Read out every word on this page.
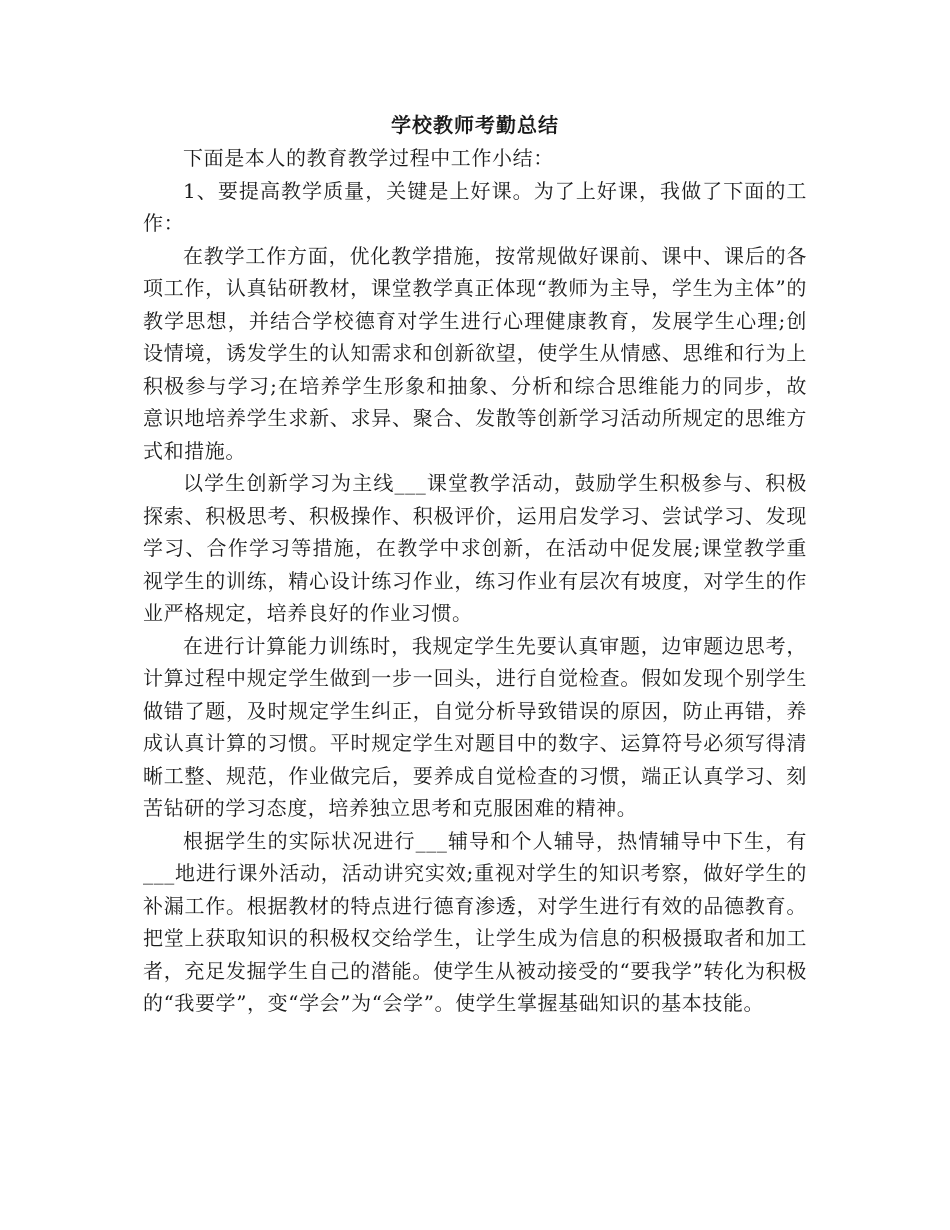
学校教师考勤总结

下面是本人的教育教学过程中工作小结：

1、要提高教学质量，关键是上好课。为了上好课，我做了下面的工作：

在教学工作方面，优化教学措施，按常规做好课前、课中、课后的各项工作，认真钻研教材，课堂教学真正体现“教师为主导，学生为主体”的教学思想，并结合学校德育对学生进行心理健康教育，发展学生心理;创设情境，诱发学生的认知需求和创新欲望，使学生从情感、思维和行为上积极参与学习;在培养学生形象和抽象、分析和综合思维能力的同步，故意识地培养学生求新、求异、聚合、发散等创新学习活动所规定的思维方式和措施。

以学生创新学习为主线___课堂教学活动，鼓励学生积极参与、积极探索、积极思考、积极操作、积极评价，运用启发学习、尝试学习、发现学习、合作学习等措施，在教学中求创新，在活动中促发展;课堂教学重视学生的训练，精心设计练习作业，练习作业有层次有坡度，对学生的作业严格规定，培养良好的作业习惯。

在进行计算能力训练时，我规定学生先要认真审题，边审题边思考，计算过程中规定学生做到一步一回头，进行自觉检查。假如发现个别学生做错了题，及时规定学生纠正，自觉分析导致错误的原因，防止再错，养成认真计算的习惯。平时规定学生对题目中的数字、运算符号必须写得清晰工整、规范，作业做完后，要养成自觉检查的习惯，端正认真学习、刻苦钻研的学习态度，培养独立思考和克服困难的精神。

根据学生的实际状况进行___辅导和个人辅导，热情辅导中下生，有___地进行课外活动，活动讲究实效;重视对学生的知识考察，做好学生的补漏工作。根据教材的特点进行德育渗透，对学生进行有效的品德教育。把堂上获取知识的积极权交给学生，让学生成为信息的积极摄取者和加工者，充足发掘学生自己的潜能。使学生从被动接受的“要我学”转化为积极的“我要学”，变“学会”为“会学”。使学生掌握基础知识的基本技能。
